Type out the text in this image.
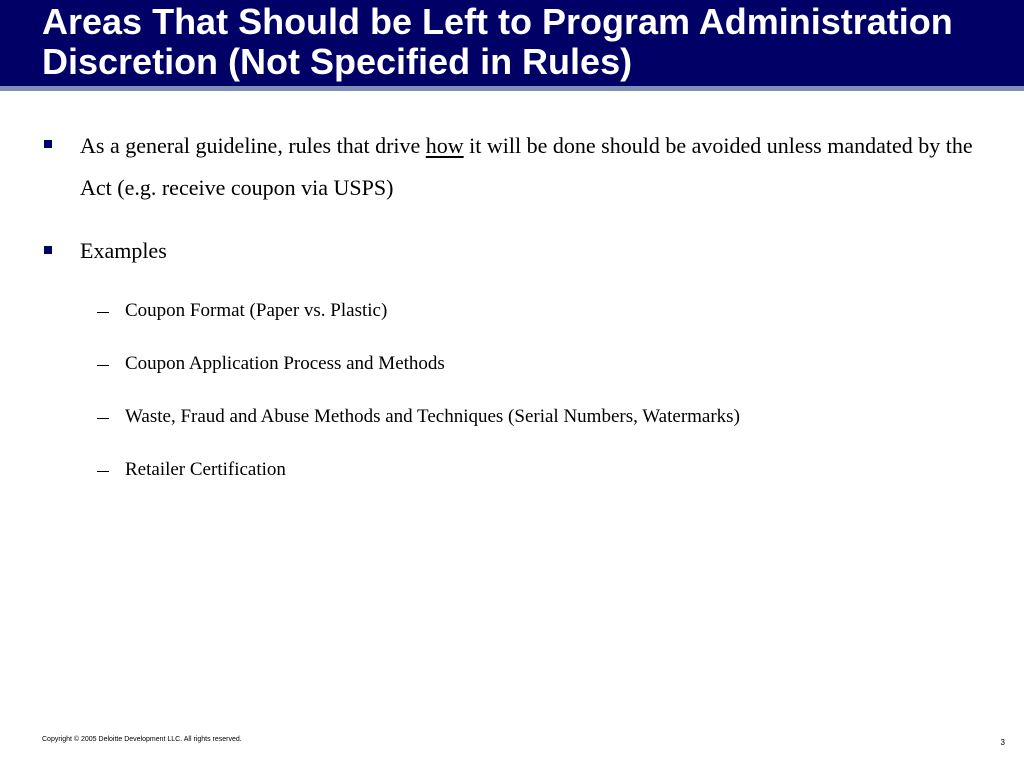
Areas That Should be Left to Program Administration Discretion (Not Specified in Rules)
As a general guideline, rules that drive how it will be done should be avoided unless mandated by the Act (e.g. receive coupon via USPS)
Examples
Coupon Format (Paper vs. Plastic)
Coupon Application Process and Methods
Waste, Fraud and Abuse Methods and Techniques (Serial Numbers, Watermarks)
Retailer Certification
Copyright © 2005 Deloitte Development LLC. All rights reserved.	3
